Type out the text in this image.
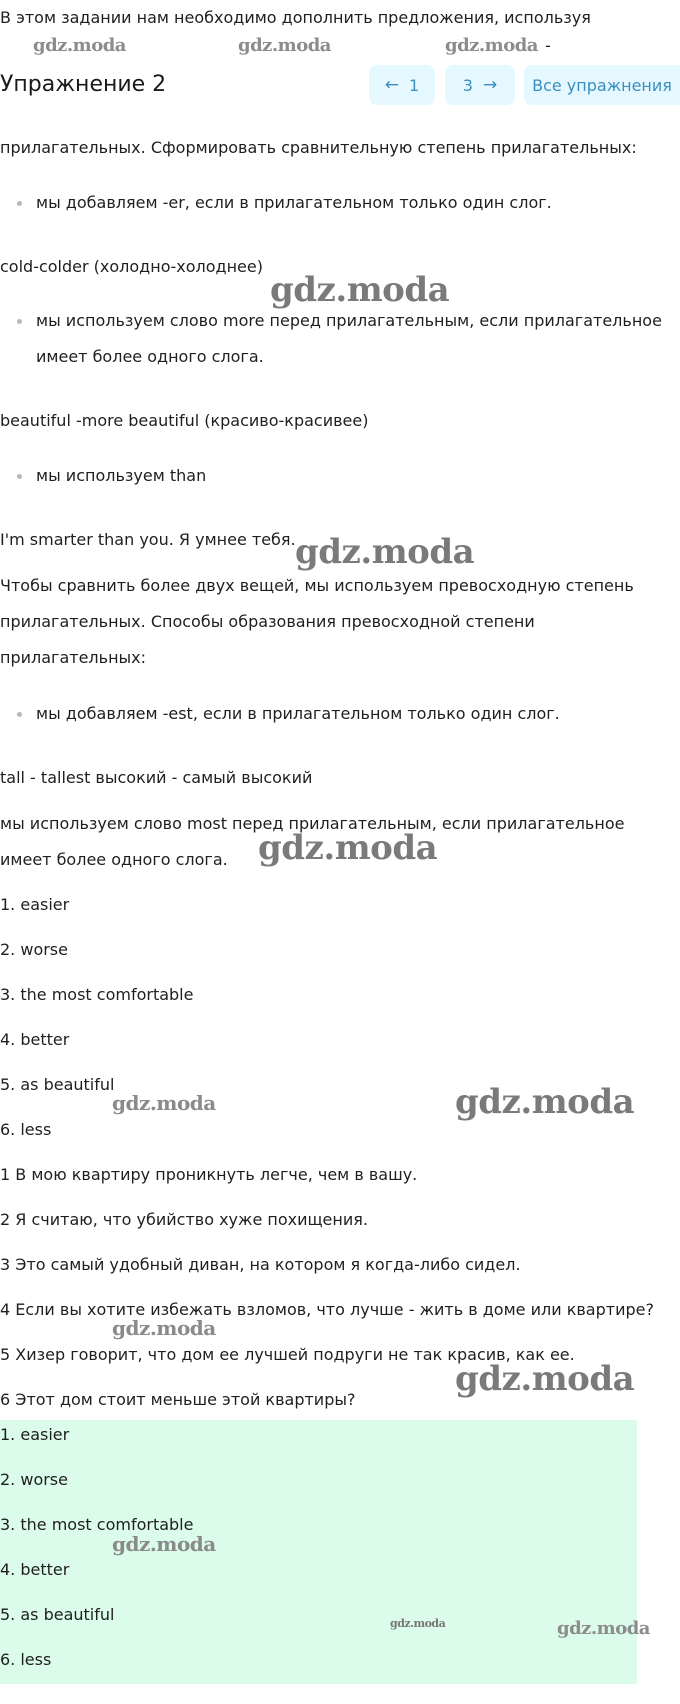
В этом задании нам необходимо дополнить предложения, используя

gdz.moda	gdz.moda	gdz.moda -
Упражнение 2	← 1	3 → Все упражнения

прилагательных. Сформировать сравнительную степень прилагательных:

мы добавляем -er, если в прилагательном только один слог.

cold-colder (холодно-холоднее)

gdz.moda
мы используем слово more перед прилагательным, если прилагательное
имеет более одного слога.

beautiful -more beautiful (красиво-красивее)

мы используем than

I'm smarter than you. Я умнее тебя. gdz.moda

Чтобы сравнить более двух вещей, мы используем превосходную степень

прилагательных. Способы образования превосходной степени

прилагательных:

мы добавляем -est, если в прилагательном только один слог.

tall - tallest высокий - самый высокий

мы используем слово most перед прилагательным, если прилагательное

имеет более одного слога. gdz.moda

1. easier

2. worse

3. the most comfortable

4. better

5. as beautiful

6. less

gdz.moda	gdz.moda

1 В мою квартиру проникнуть легче, чем в вашу.

2 Я считаю, что убийство хуже похищения.

3 Это самый удобный диван, на котором я когда-либо сидел.

4 Если вы хотите избежать взломов, что лучше - жить в доме или квартире?

5 Хизер говорит, что дом ее лучшей подруги не так красив, как ее.

6 Этот дом стоит меньше этой квартиры?

gdz.moda
gdz.moda

1. easier

2. worse

3. the most comfortable

4. better

5. as beautiful

6. less

gdz.moda
gdz.moda	gdz.moda
